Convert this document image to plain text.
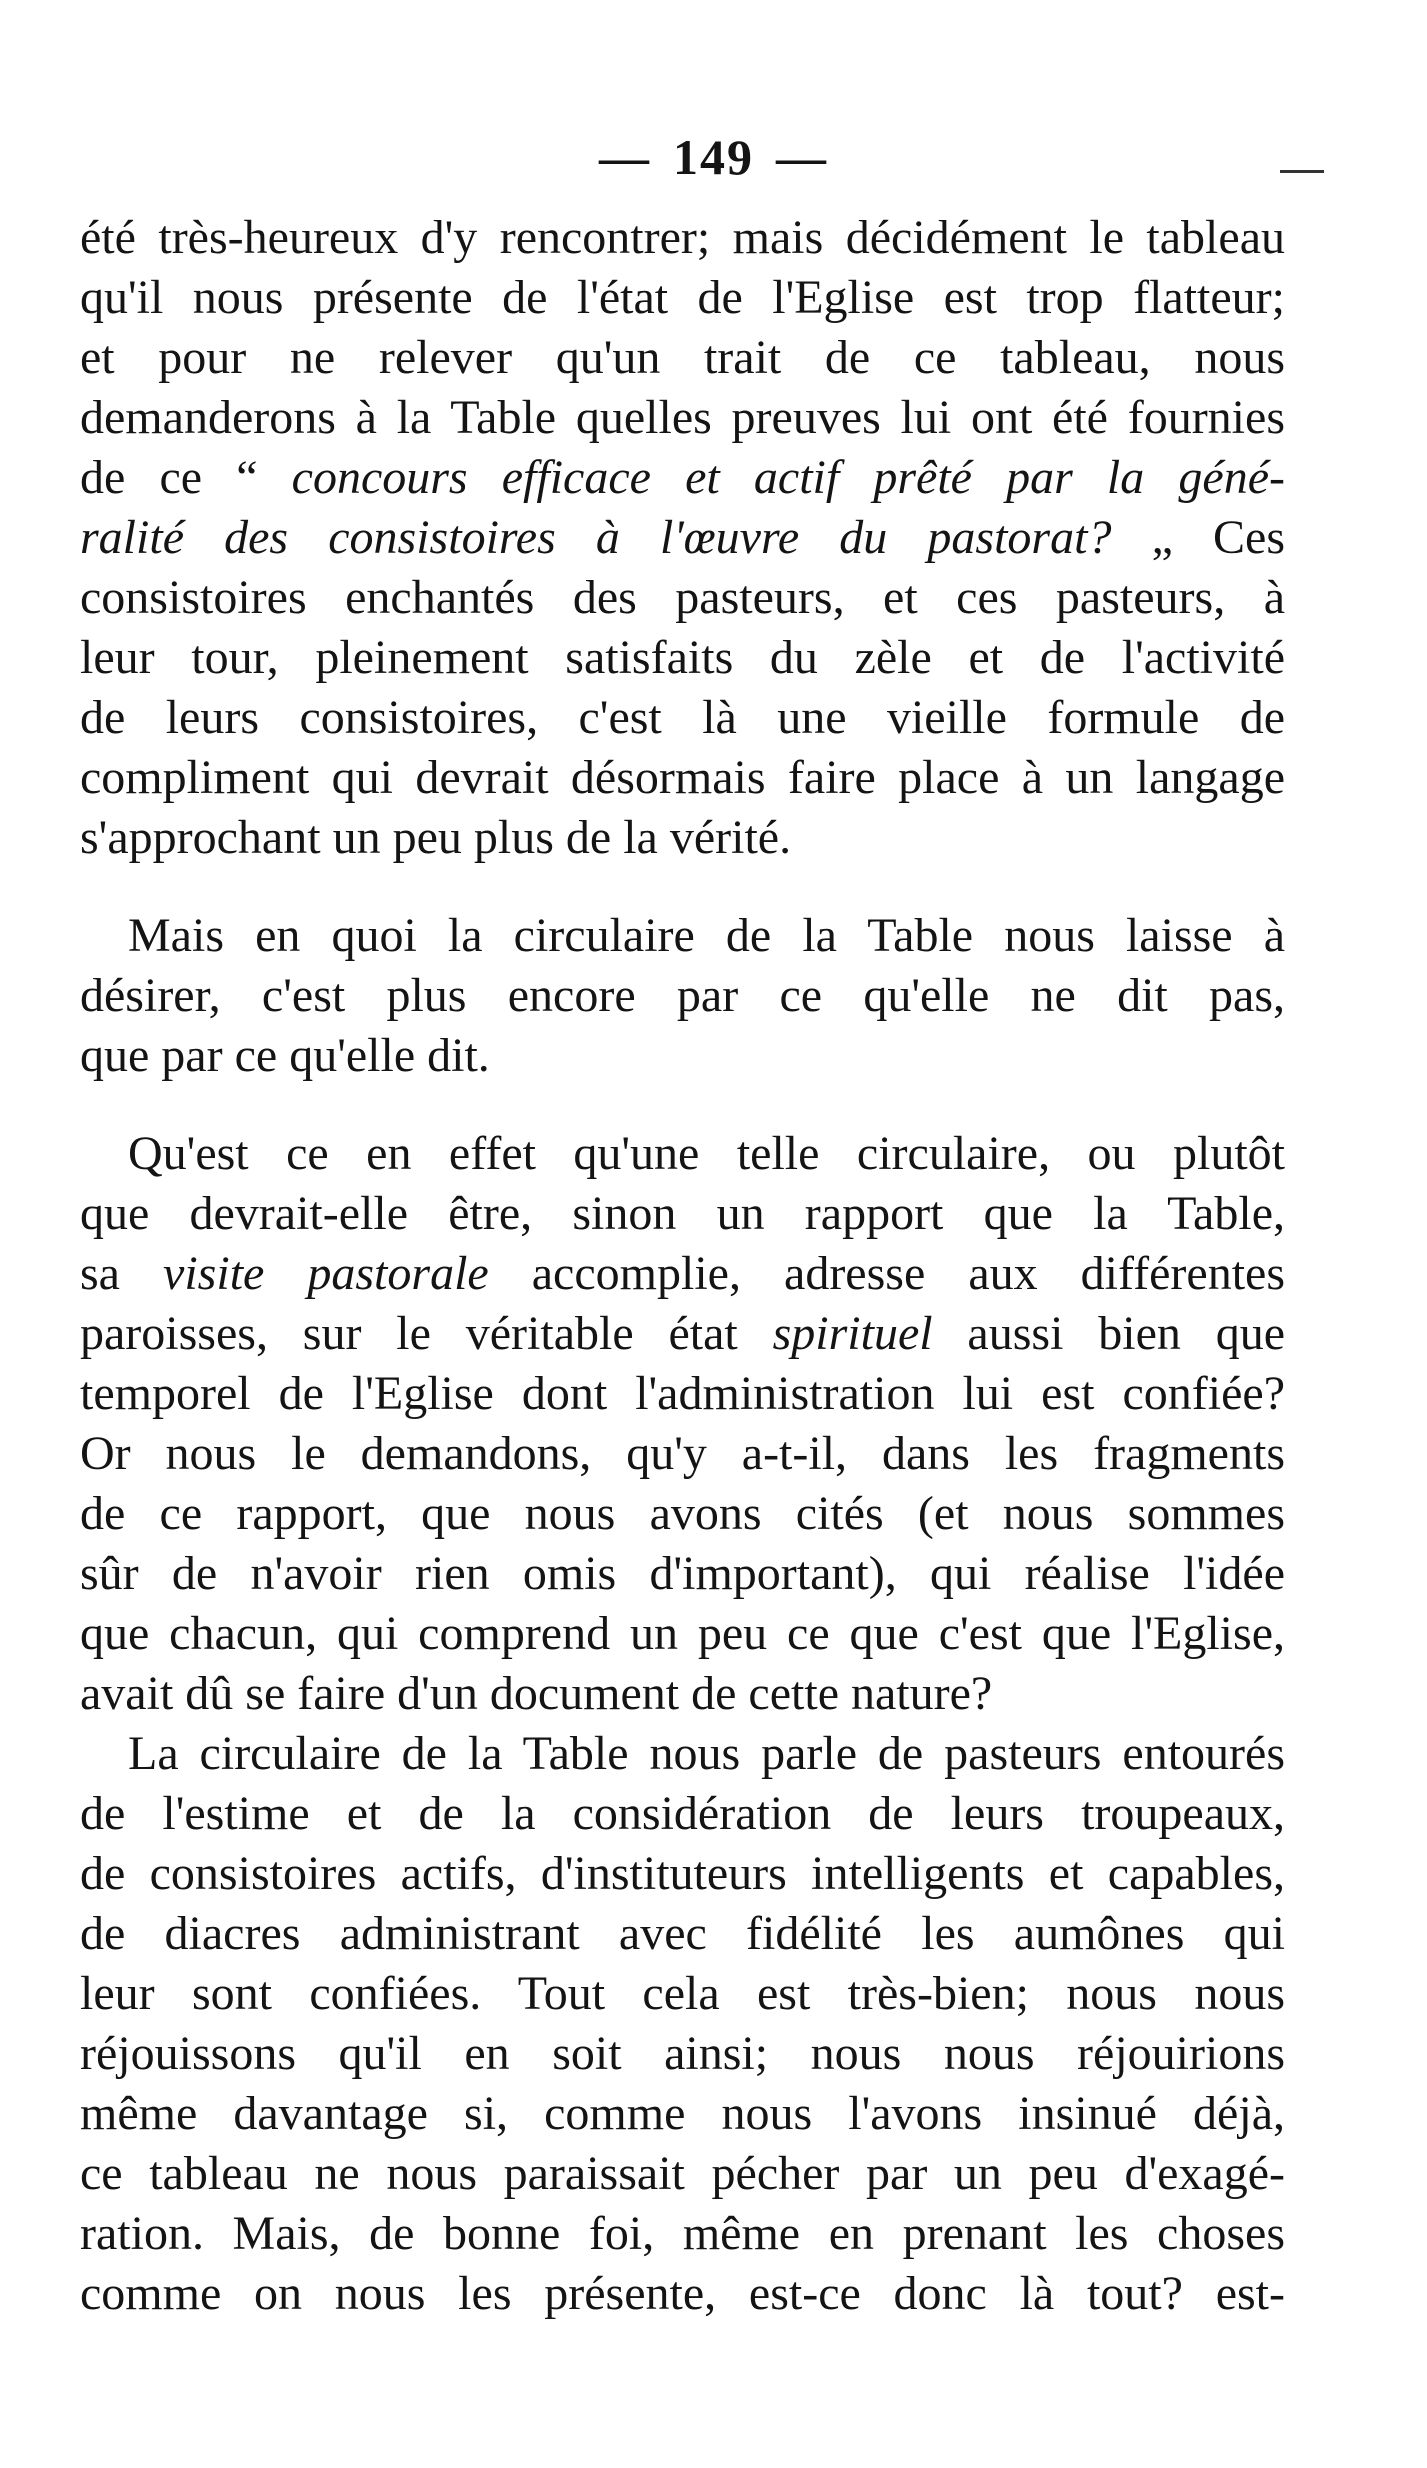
— 149 —
été très-heureux d'y rencontrer; mais décidément le tableau
qu'il nous présente de l'état de l'Eglise est trop flatteur;
et pour ne relever qu'un trait de ce tableau, nous
demanderons à la Table quelles preuves lui ont été fournies
de ce “ concours efficace et actif prêté par la géné-
ralité des consistoires à l'œuvre du pastorat? „ Ces
consistoires enchantés des pasteurs, et ces pasteurs, à
leur tour, pleinement satisfaits du zèle et de l'activité
de leurs consistoires, c'est là une vieille formule de
compliment qui devrait désormais faire place à un langage
s'approchant un peu plus de la vérité.
Mais en quoi la circulaire de la Table nous laisse à
désirer, c'est plus encore par ce qu'elle ne dit pas,
que par ce qu'elle dit.
Qu'est ce en effet qu'une telle circulaire, ou plutôt
que devrait-elle être, sinon un rapport que la Table,
sa visite pastorale accomplie, adresse aux différentes
paroisses, sur le véritable état spirituel aussi bien que
temporel de l'Eglise dont l'administration lui est confiée?
Or nous le demandons, qu'y a-t-il, dans les fragments
de ce rapport, que nous avons cités (et nous sommes
sûr de n'avoir rien omis d'important), qui réalise l'idée
que chacun, qui comprend un peu ce que c'est que l'Eglise,
avait dû se faire d'un document de cette nature?
La circulaire de la Table nous parle de pasteurs entourés
de l'estime et de la considération de leurs troupeaux,
de consistoires actifs, d'instituteurs intelligents et capables,
de diacres administrant avec fidélité les aumônes qui
leur sont confiées. Tout cela est très-bien; nous nous
réjouissons qu'il en soit ainsi; nous nous réjouirions
même davantage si, comme nous l'avons insinué déjà,
ce tableau ne nous paraissait pécher par un peu d'exagé-
ration. Mais, de bonne foi, même en prenant les choses
comme on nous les présente, est-ce donc là tout? est-
